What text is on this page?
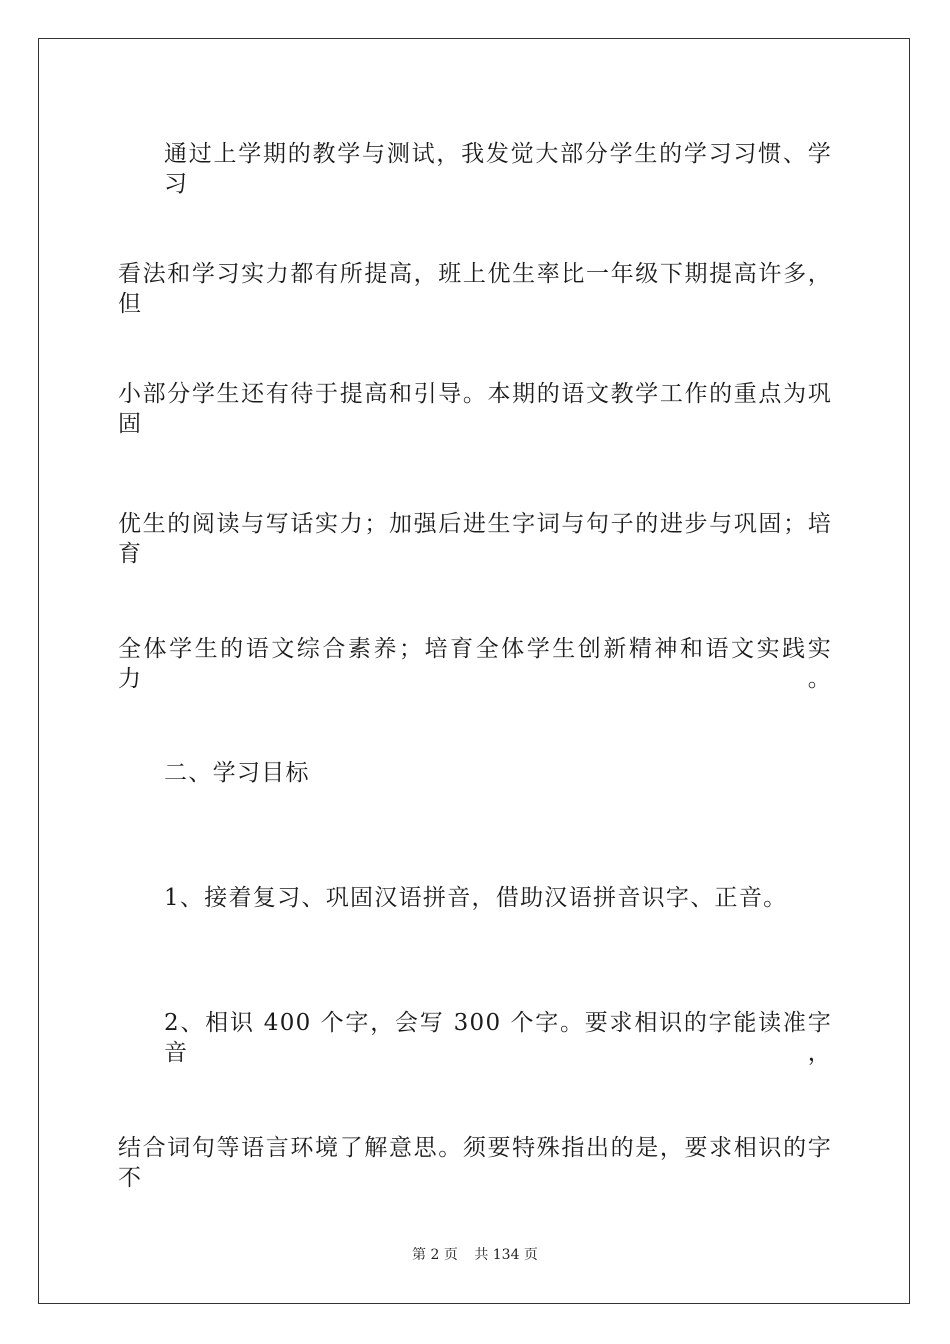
通过上学期的教学与测试，我发觉大部分学生的学习习惯、学习
看法和学习实力都有所提高，班上优生率比一年级下期提高许多，但
小部分学生还有待于提高和引导。本期的语文教学工作的重点为巩固
优生的阅读与写话实力；加强后进生字词与句子的进步与巩固；培育
全体学生的语文综合素养；培育全体学生创新精神和语文实践实力。
二、学习目标
1、接着复习、巩固汉语拼音，借助汉语拼音识字、正音。
2、相识 400 个字，会写 300 个字。要求相识的字能读准字音，
结合词句等语言环境了解意思。须要特殊指出的是，要求相识的字不
第 2 页 共 134 页
